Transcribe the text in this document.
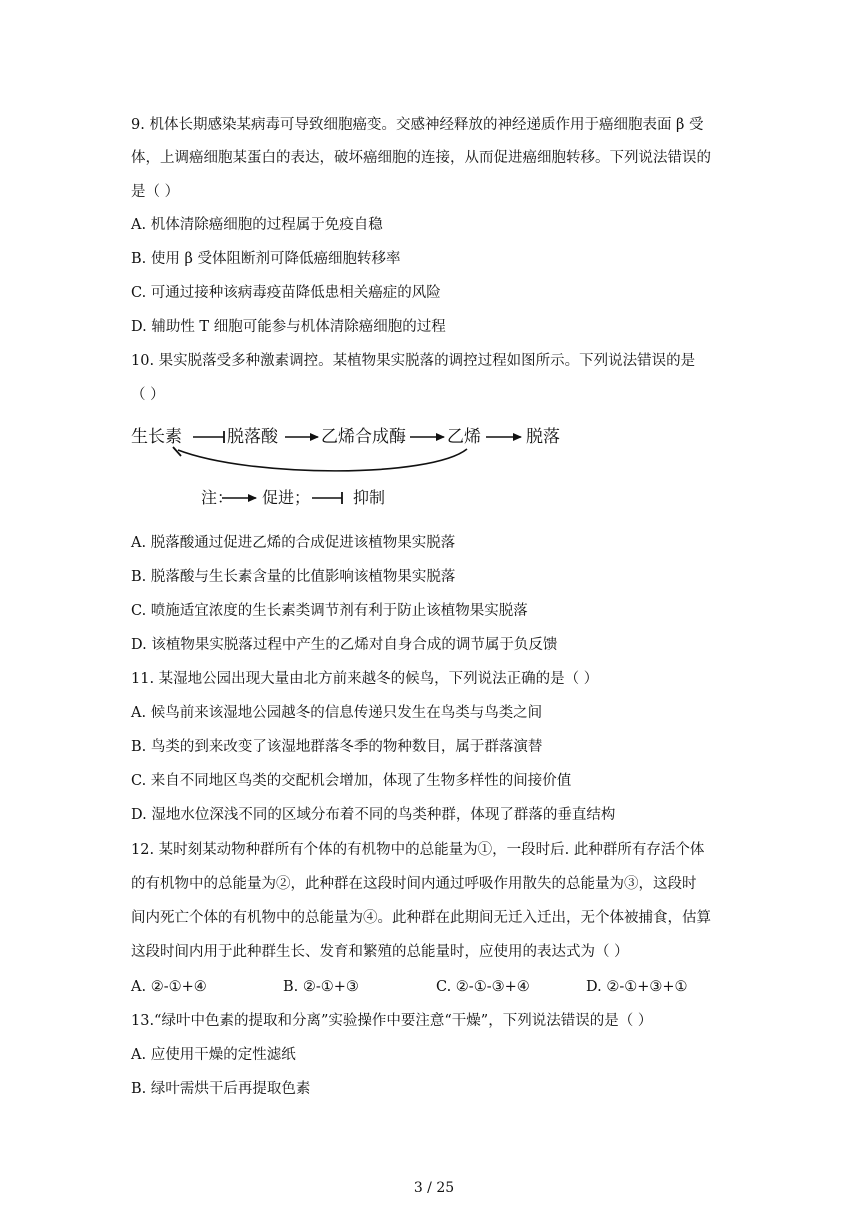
9. 机体长期感染某病毒可导致细胞癌变。交感神经释放的神经递质作用于癌细胞表面 β 受
体，上调癌细胞某蛋白的表达，破坏癌细胞的连接，从而促进癌细胞转移。下列说法错误的
是（ ）
A. 机体清除癌细胞的过程属于免疫自稳
B. 使用 β 受体阻断剂可降低癌细胞转移率
C. 可通过接种该病毒疫苗降低患相关癌症的风险
D. 辅助性 T 细胞可能参与机体清除癌细胞的过程
10. 果实脱落受多种激素调控。某植物果实脱落的调控过程如图所示。下列说法错误的是
（ ）
生长素	脱落酸	乙烯合成酶 乙烯	脱落
注： 促进；	抑制
A. 脱落酸通过促进乙烯的合成促进该植物果实脱落
B. 脱落酸与生长素含量的比值影响该植物果实脱落
C. 喷施适宜浓度的生长素类调节剂有利于防止该植物果实脱落
D. 该植物果实脱落过程中产生的乙烯对自身合成的调节属于负反馈
11. 某湿地公园出现大量由北方前来越冬的候鸟，下列说法正确的是（ ）
A. 候鸟前来该湿地公园越冬的信息传递只发生在鸟类与鸟类之间
B. 鸟类的到来改变了该湿地群落冬季的物种数目，属于群落演替
C. 来自不同地区鸟类的交配机会增加，体现了生物多样性的间接价值
D. 湿地水位深浅不同的区域分布着不同的鸟类种群，体现了群落的垂直结构
12. 某时刻某动物种群所有个体的有机物中的总能量为①，一段时后. 此种群所有存活个体
的有机物中的总能量为②，此种群在这段时间内通过呼吸作用散失的总能量为③，这段时
间内死亡个体的有机物中的总能量为④。此种群在此期间无迁入迁出，无个体被捕食，估算
这段时间内用于此种群生长、发育和繁殖的总能量时，应使用的表达式为（ ）
A. ②-①+④	B. ②-①+③	C. ②-①-③+④	D. ②-①+③+①
13.“绿叶中色素的提取和分离”实验操作中要注意“干燥”，下列说法错误的是（ ）
A. 应使用干燥的定性滤纸
B. 绿叶需烘干后再提取色素
3 / 25
